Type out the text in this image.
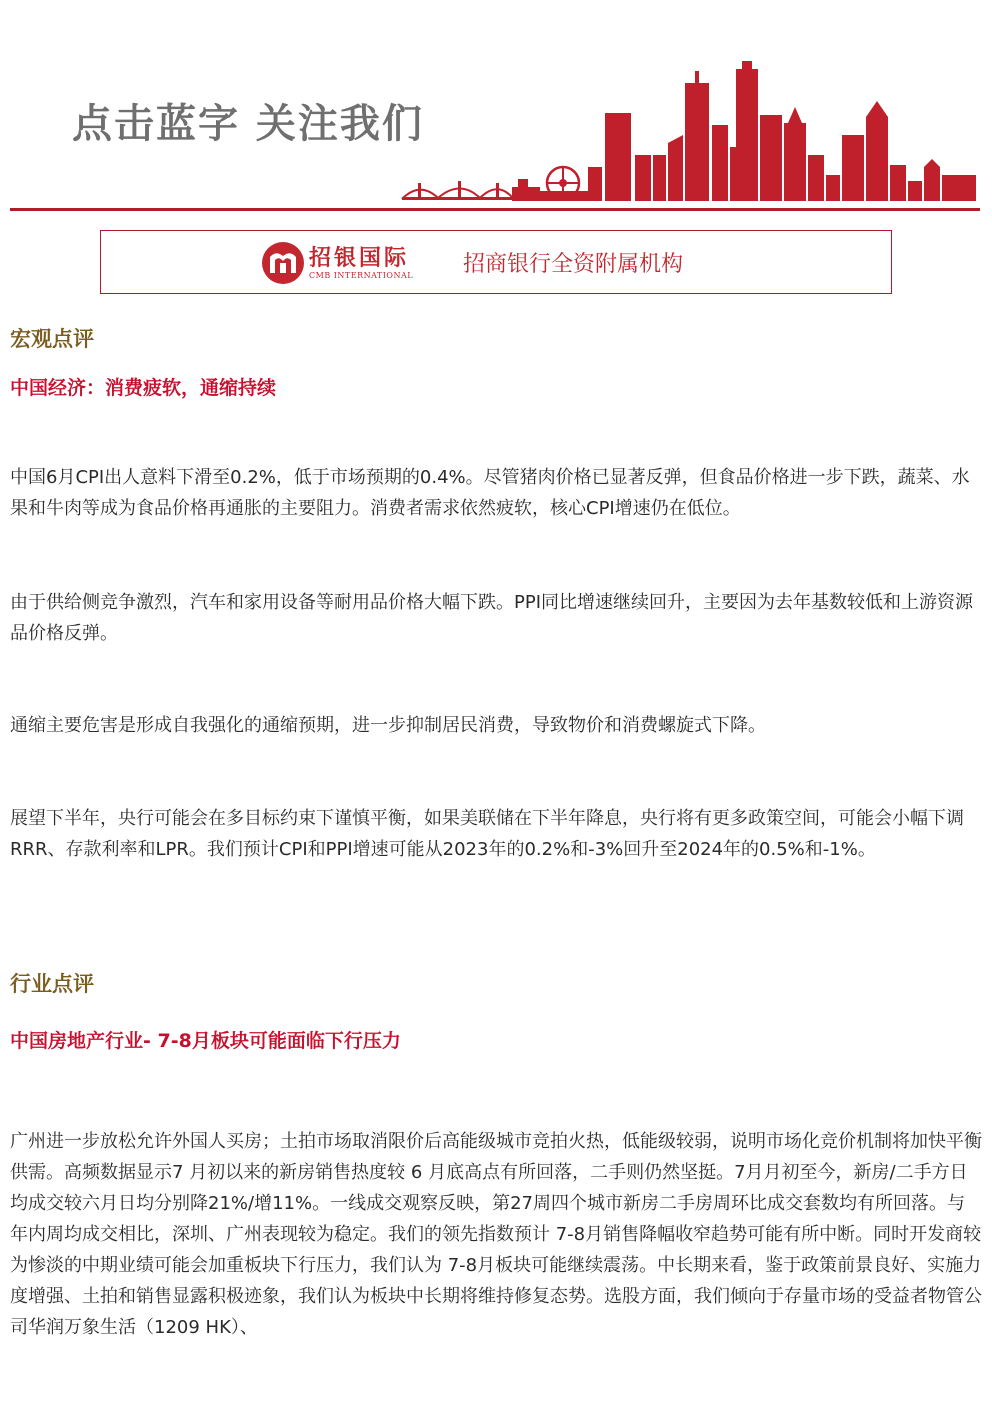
点击蓝字 关注我们
招银国际
CMB INTERNATIONAL 招商银行全资附属机构
宏观点评
中国经济：消费疲软，通缩持续

中国6月CPI出人意料下滑至0.2%，低于市场预期的0.4%。尽管猪肉价格已显著反弹，但食品价格进一步下跌，蔬菜、水果和牛肉等成为食品价格再通胀的主要阻力。消费者需求依然疲软，核心CPI增速仍在低位。

由于供给侧竞争激烈，汽车和家用设备等耐用品价格大幅下跌。PPI同比增速继续回升，主要因为去年基数较低和上游资源品价格反弹。

通缩主要危害是形成自我强化的通缩预期，进一步抑制居民消费，导致物价和消费螺旋式下降。

展望下半年，央行可能会在多目标约束下谨慎平衡，如果美联储在下半年降息，央行将有更多政策空间，可能会小幅下调RRR、存款利率和LPR。我们预计CPI和PPI增速可能从2023年的0.2%和-3%回升至2024年的0.5%和-1%。

行业点评
中国房地产行业- 7-8月板块可能面临下行压力

广州进一步放松允许外国人买房；土拍市场取消限价后高能级城市竞拍火热，低能级较弱，说明市场化竞价机制将加快平衡供需。高频数据显示7 月初以来的新房销售热度较 6 月底高点有所回落，二手则仍然坚挺。7月月初至今，新房/二手方日均成交较六月日均分别降21%/增11%。一线成交观察反映，第27周四个城市新房二手房周环比成交套数均有所回落。与年内周均成交相比，深圳、广州表现较为稳定。我们的领先指数预计 7-8月销售降幅收窄趋势可能有所中断。同时开发商较为惨淡的中期业绩可能会加重板块下行压力，我们认为 7-8月板块可能继续震荡。中长期来看，鉴于政策前景良好、实施力度增强、土拍和销售显露积极迹象，我们认为板块中长期将维持修复态势。选股方面，我们倾向于存量市场的受益者物管公司华润万象生活（1209 HK）、
